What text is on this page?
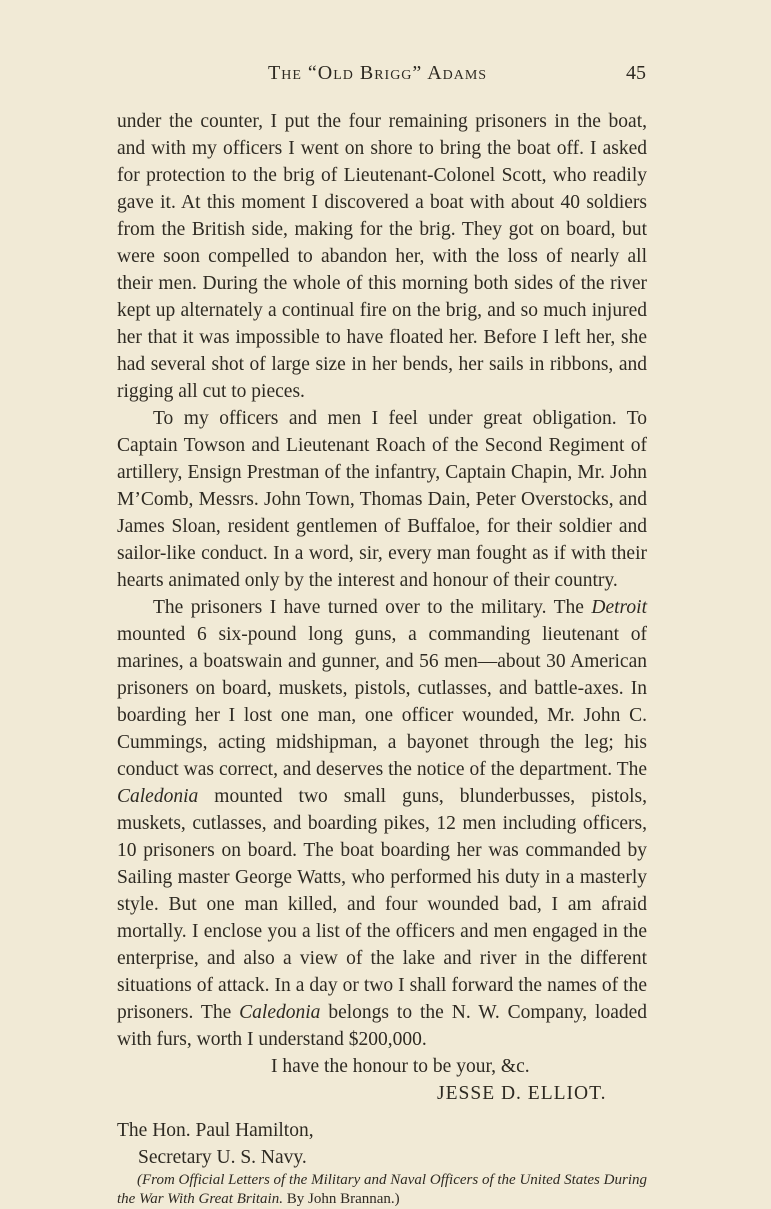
The “Old Brigg” Adams	45

under the counter, I put the four remaining prisoners in the boat, and with my officers I went on shore to bring the boat off. I asked for protection to the brig of Lieutenant-Colonel Scott, who readily gave it. At this moment I discovered a boat with about 40 soldiers from the British side, making for the brig. They got on board, but were soon compelled to abandon her, with the loss of nearly all their men. During the whole of this morning both sides of the river kept up alternately a continual fire on the brig, and so much injured her that it was impossible to have floated her. Before I left her, she had several shot of large size in her bends, her sails in ribbons, and rigging all cut to pieces.

To my officers and men I feel under great obligation. To Captain Towson and Lieutenant Roach of the Second Regiment of artillery, Ensign Prestman of the infantry, Captain Chapin, Mr. John M’Comb, Messrs. John Town, Thomas Dain, Peter Overstocks, and James Sloan, resident gentlemen of Buffaloe, for their soldier and sailor-like conduct. In a word, sir, every man fought as if with their hearts animated only by the interest and honour of their country.

The prisoners I have turned over to the military. The Detroit mounted 6 six-pound long guns, a commanding lieutenant of marines, a boatswain and gunner, and 56 men—about 30 American prisoners on board, muskets, pistols, cutlasses, and battle-axes. In boarding her I lost one man, one officer wounded, Mr. John C. Cummings, acting midshipman, a bayonet through the leg; his conduct was correct, and deserves the notice of the department. The Caledonia mounted two small guns, blunderbusses, pistols, muskets, cutlasses, and boarding pikes, 12 men including officers, 10 prisoners on board. The boat boarding her was commanded by Sailing master George Watts, who performed his duty in a masterly style. But one man killed, and four wounded bad, I am afraid mortally. I enclose you a list of the officers and men engaged in the enterprise, and also a view of the lake and river in the different situations of attack. In a day or two I shall forward the names of the prisoners. The Caledonia belongs to the N. W. Company, loaded with furs, worth I understand $200,000.

I have the honour to be your, &c.

JESSE D. ELLIOT.

The Hon. Paul Hamilton,

Secretary U. S. Navy.

(From Official Letters of the Military and Naval Officers of the United States During the War With Great Britain. By John Brannan.)
